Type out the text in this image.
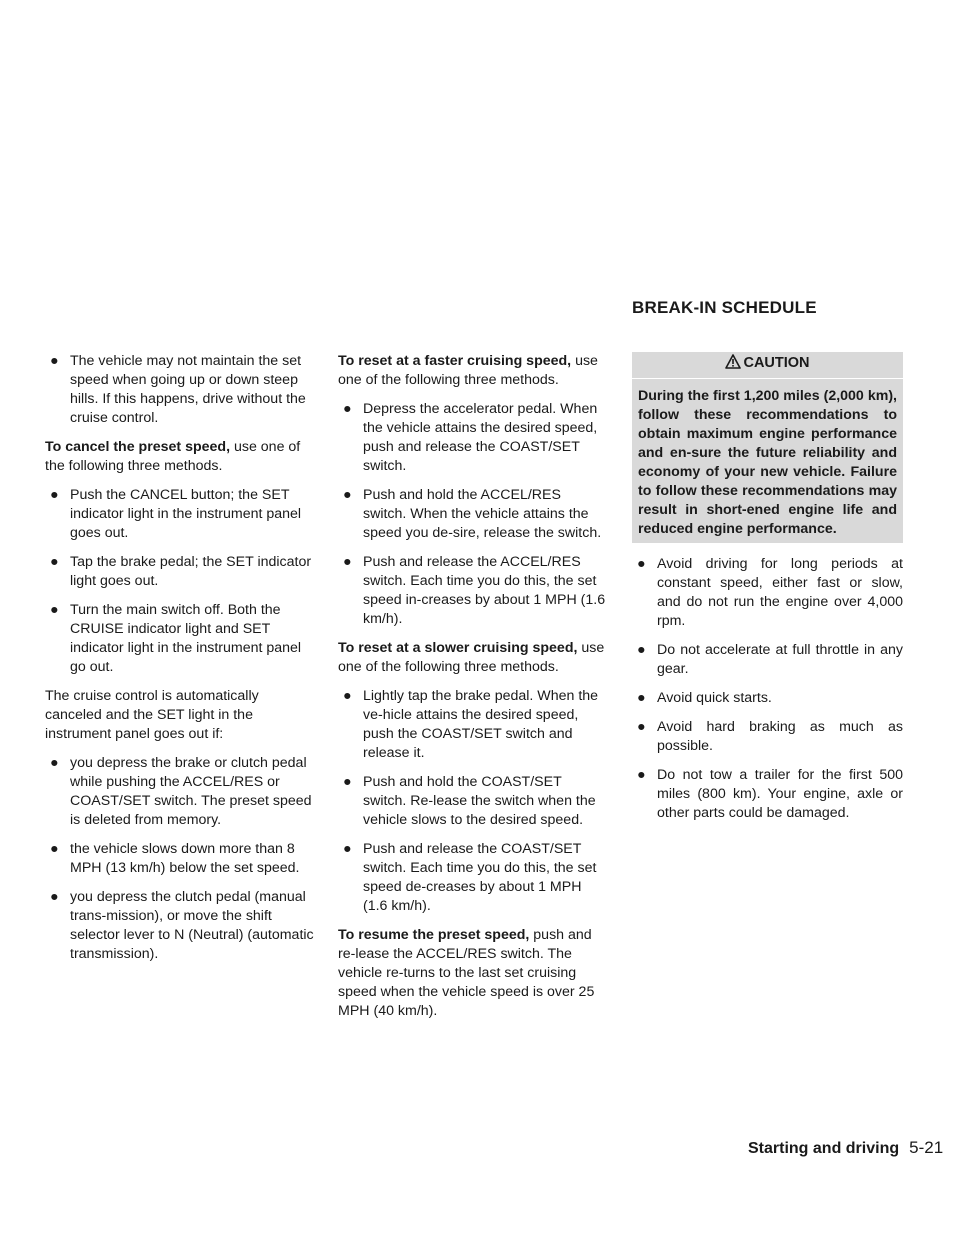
BREAK-IN SCHEDULE
● The vehicle may not maintain the set speed when going up or down steep hills. If this happens, drive without the cruise control.

To cancel the preset speed, use one of the following three methods.

● Push the CANCEL button; the SET indicator light in the instrument panel goes out.
● Tap the brake pedal; the SET indicator light goes out.
● Turn the main switch off. Both the CRUISE indicator light and SET indicator light in the instrument panel go out.

The cruise control is automatically canceled and the SET light in the instrument panel goes out if:

● you depress the brake or clutch pedal while pushing the ACCEL/RES or COAST/SET switch. The preset speed is deleted from memory.
● the vehicle slows down more than 8 MPH (13 km/h) below the set speed.
● you depress the clutch pedal (manual trans-mission), or move the shift selector lever to N (Neutral) (automatic transmission).

To reset at a faster cruising speed, use one of the following three methods.

● Depress the accelerator pedal. When the vehicle attains the desired speed, push and release the COAST/SET switch.
● Push and hold the ACCEL/RES switch. When the vehicle attains the speed you de-sire, release the switch.
● Push and release the ACCEL/RES switch. Each time you do this, the set speed in-creases by about 1 MPH (1.6 km/h).

To reset at a slower cruising speed, use one of the following three methods.

● Lightly tap the brake pedal. When the ve-hicle attains the desired speed, push the COAST/SET switch and release it.
● Push and hold the COAST/SET switch. Re-lease the switch when the vehicle slows to the desired speed.
● Push and release the COAST/SET switch. Each time you do this, the set speed de-creases by about 1 MPH (1.6 km/h).

To resume the preset speed, push and re-lease the ACCEL/RES switch. The vehicle re-turns to the last set cruising speed when the vehicle speed is over 25 MPH (40 km/h).

CAUTION
During the first 1,200 miles (2,000 km), follow these recommendations to obtain maximum engine performance and en-sure the future reliability and economy of your new vehicle. Failure to follow these recommendations may result in short-ened engine life and reduced engine performance.
● Avoid driving for long periods at constant speed, either fast or slow, and do not run the engine over 4,000 rpm.
● Do not accelerate at full throttle in any gear.
● Avoid quick starts.
● Avoid hard braking as much as possible.
● Do not tow a trailer for the first 500 miles (800 km). Your engine, axle or other parts could be damaged.
Starting and driving 5-21
